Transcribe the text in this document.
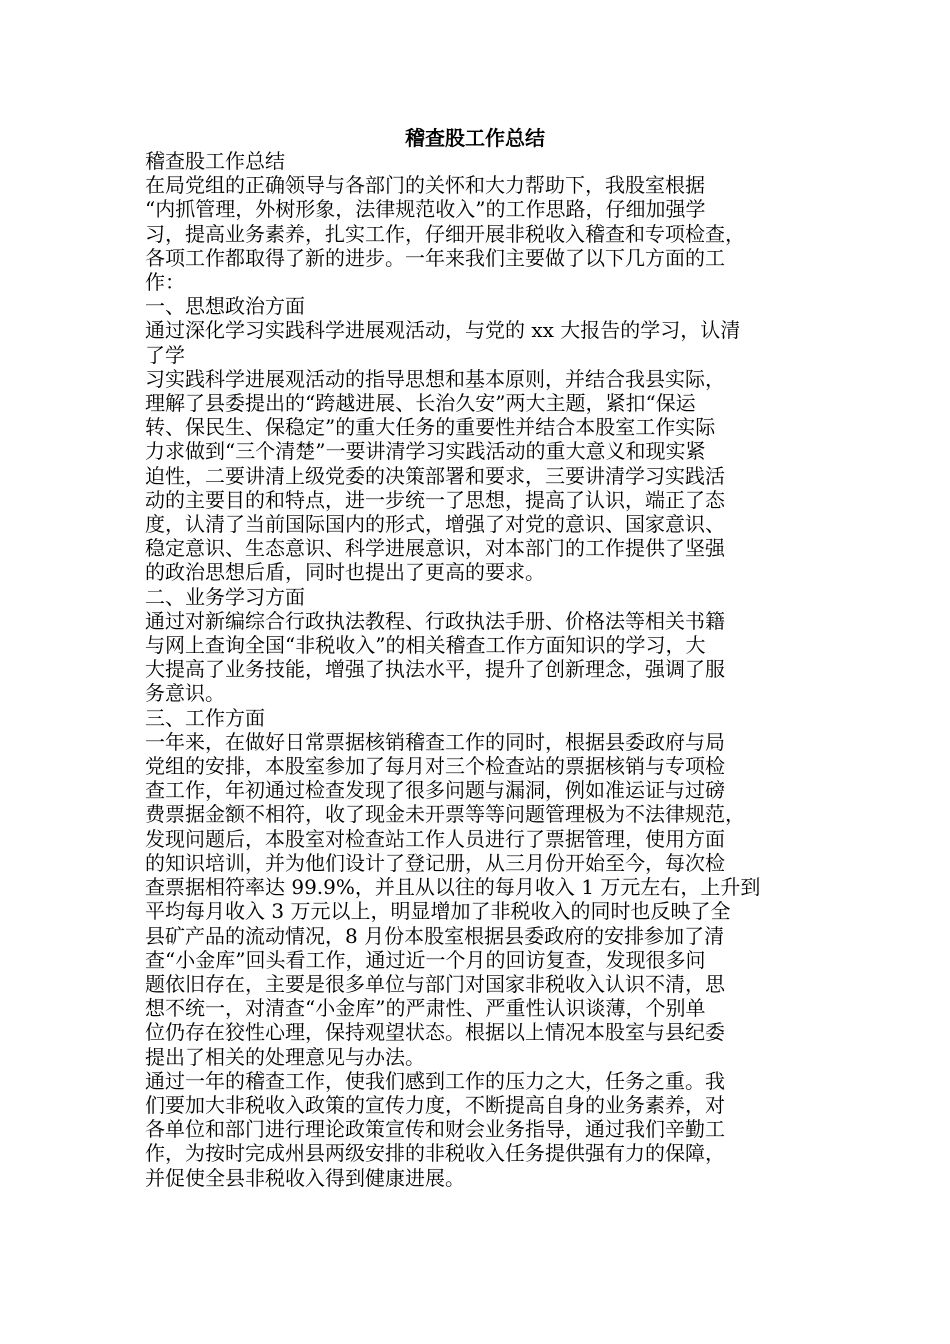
稽查股工作总结
稽查股工作总结
在局党组的正确领导与各部门的关怀和大力帮助下，我股室根据
“内抓管理，外树形象，法律规范收入”的工作思路，仔细加强学
习，提高业务素养，扎实工作，仔细开展非税收入稽查和专项检查，
各项工作都取得了新的进步。一年来我们主要做了以下几方面的工
作：
一、思想政治方面
通过深化学习实践科学进展观活动，与党的 xx 大报告的学习，认清
了学
习实践科学进展观活动的指导思想和基本原则，并结合我县实际，
理解了县委提出的“跨越进展、长治久安”两大主题，紧扣“保运
转、保民生、保稳定”的重大任务的重要性并结合本股室工作实际
力求做到“三个清楚”一要讲清学习实践活动的重大意义和现实紧
迫性，二要讲清上级党委的决策部署和要求，三要讲清学习实践活
动的主要目的和特点，进一步统一了思想，提高了认识，端正了态
度，认清了当前国际国内的形式，增强了对党的意识、国家意识、
稳定意识、生态意识、科学进展意识，对本部门的工作提供了坚强
的政治思想后盾，同时也提出了更高的要求。
二、业务学习方面
通过对新编综合行政执法教程、行政执法手册、价格法等相关书籍
与网上查询全国“非税收入”的相关稽查工作方面知识的学习，大
大提高了业务技能，增强了执法水平，提升了创新理念，强调了服
务意识。
三、工作方面
一年来，在做好日常票据核销稽查工作的同时，根据县委政府与局
党组的安排，本股室参加了每月对三个检查站的票据核销与专项检
查工作，年初通过检查发现了很多问题与漏洞，例如准运证与过磅
费票据金额不相符，收了现金未开票等等问题管理极为不法律规范，
发现问题后，本股室对检查站工作人员进行了票据管理，使用方面
的知识培训，并为他们设计了登记册，从三月份开始至今，每次检
查票据相符率达 99.9%，并且从以往的每月收入 1 万元左右，上升到
平均每月收入 3 万元以上，明显增加了非税收入的同时也反映了全
县矿产品的流动情况，8 月份本股室根据县委政府的安排参加了清
查“小金库”回头看工作，通过近一个月的回访复查，发现很多问
题依旧存在，主要是很多单位与部门对国家非税收入认识不清，思
想不统一，对清查“小金库”的严肃性、严重性认识谈薄，个别单
位仍存在狡性心理，保持观望状态。根据以上情况本股室与县纪委
提出了相关的处理意见与办法。
通过一年的稽查工作，使我们感到工作的压力之大，任务之重。我
们要加大非税收入政策的宣传力度，不断提高自身的业务素养，对
各单位和部门进行理论政策宣传和财会业务指导，通过我们辛勤工
作，为按时完成州县两级安排的非税收入任务提供强有力的保障，
并促使全县非税收入得到健康进展。
